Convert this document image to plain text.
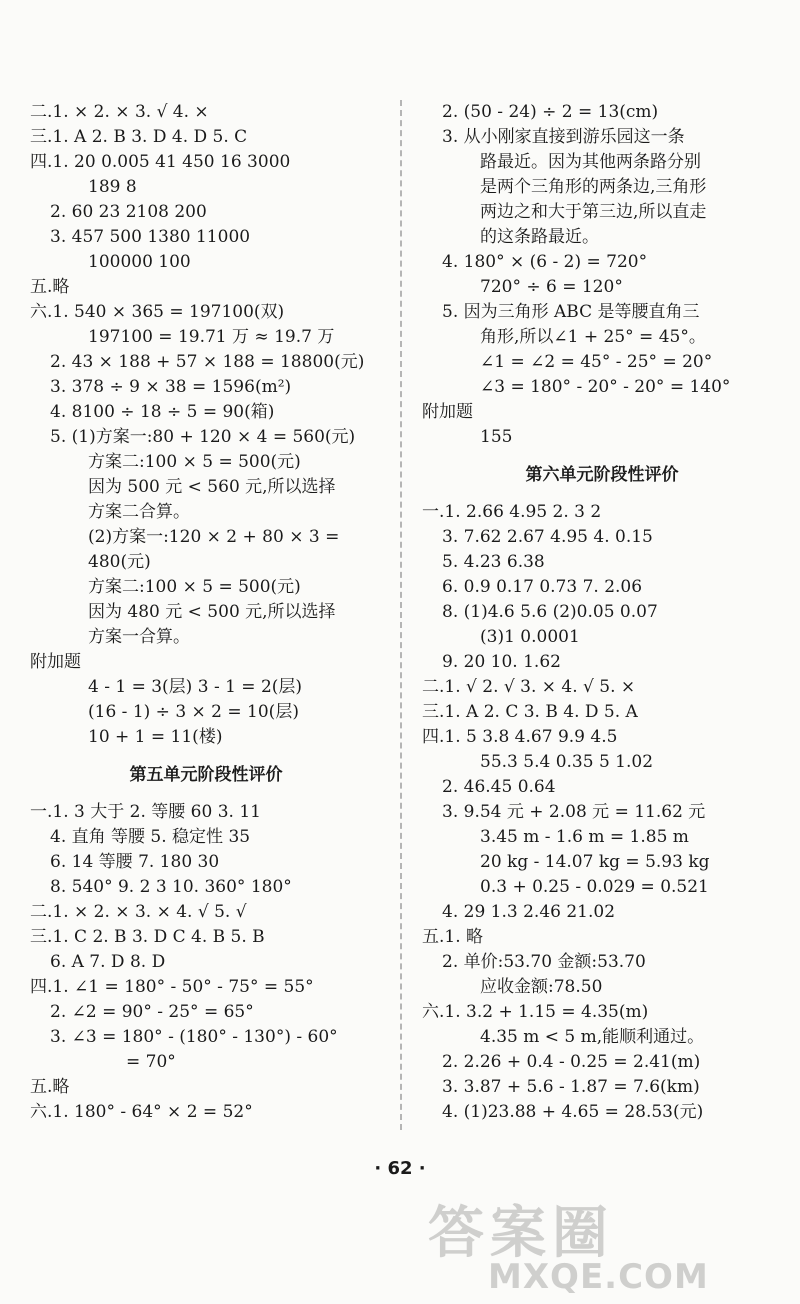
二.1. × 2. × 3. √ 4. ×
三.1. A 2. B 3. D 4. D 5. C
四.1. 20 0.005 41 450 16 3000
189 8
2. 60 23 2108 200
3. 457 500 1380 11000
100000 100
五.略
六.1. 540 × 365 = 197100(双)
197100 = 19.71 万 ≈ 19.7 万
2. 43 × 188 + 57 × 188 = 18800(元)
3. 378 ÷ 9 × 38 = 1596(m²)
4. 8100 ÷ 18 ÷ 5 = 90(箱)
5. (1)方案一:80 + 120 × 4 = 560(元)
方案二:100 × 5 = 500(元)
因为 500 元 < 560 元,所以选择
方案二合算。
(2)方案一:120 × 2 + 80 × 3 =
480(元)
方案二:100 × 5 = 500(元)
因为 480 元 < 500 元,所以选择
方案一合算。
附加题
4 - 1 = 3(层) 3 - 1 = 2(层)
(16 - 1) ÷ 3 × 2 = 10(层)
10 + 1 = 11(楼)
第五单元阶段性评价
一.1. 3 大于 2. 等腰 60 3. 11
4. 直角 等腰 5. 稳定性 35
6. 14 等腰 7. 180 30
8. 540° 9. 2 3 10. 360° 180°
二.1. × 2. × 3. × 4. √ 5. √
三.1. C 2. B 3. D C 4. B 5. B
6. A 7. D 8. D
四.1. ∠1 = 180° - 50° - 75° = 55°
2. ∠2 = 90° - 25° = 65°
3. ∠3 = 180° - (180° - 130°) - 60°
= 70°
五.略
六.1. 180° - 64° × 2 = 52°
2. (50 - 24) ÷ 2 = 13(cm)
3. 从小刚家直接到游乐园这一条
路最近。因为其他两条路分别
是两个三角形的两条边,三角形
两边之和大于第三边,所以直走
的这条路最近。
4. 180° × (6 - 2) = 720°
720° ÷ 6 = 120°
5. 因为三角形 ABC 是等腰直角三
角形,所以∠1 + 25° = 45°。
∠1 = ∠2 = 45° - 25° = 20°
∠3 = 180° - 20° - 20° = 140°
附加题
155
第六单元阶段性评价
一.1. 2.66 4.95 2. 3 2
3. 7.62 2.67 4.95 4. 0.15
5. 4.23 6.38
6. 0.9 0.17 0.73 7. 2.06
8. (1)4.6 5.6 (2)0.05 0.07
(3)1 0.0001
9. 20 10. 1.62
二.1. √ 2. √ 3. × 4. √ 5. ×
三.1. A 2. C 3. B 4. D 5. A
四.1. 5 3.8 4.67 9.9 4.5
55.3 5.4 0.35 5 1.02
2. 46.45 0.64
3. 9.54 元 + 2.08 元 = 11.62 元
3.45 m - 1.6 m = 1.85 m
20 kg - 14.07 kg = 5.93 kg
0.3 + 0.25 - 0.029 = 0.521
4. 29 1.3 2.46 21.02
五.1. 略
2. 单价:53.70 金额:53.70
应收金额:78.50
六.1. 3.2 + 1.15 = 4.35(m)
4.35 m < 5 m,能顺利通过。
2. 2.26 + 0.4 - 0.25 = 2.41(m)
3. 3.87 + 5.6 - 1.87 = 7.6(km)
4. (1)23.88 + 4.65 = 28.53(元)
· 62 ·
答案圈
MXQE.COM
